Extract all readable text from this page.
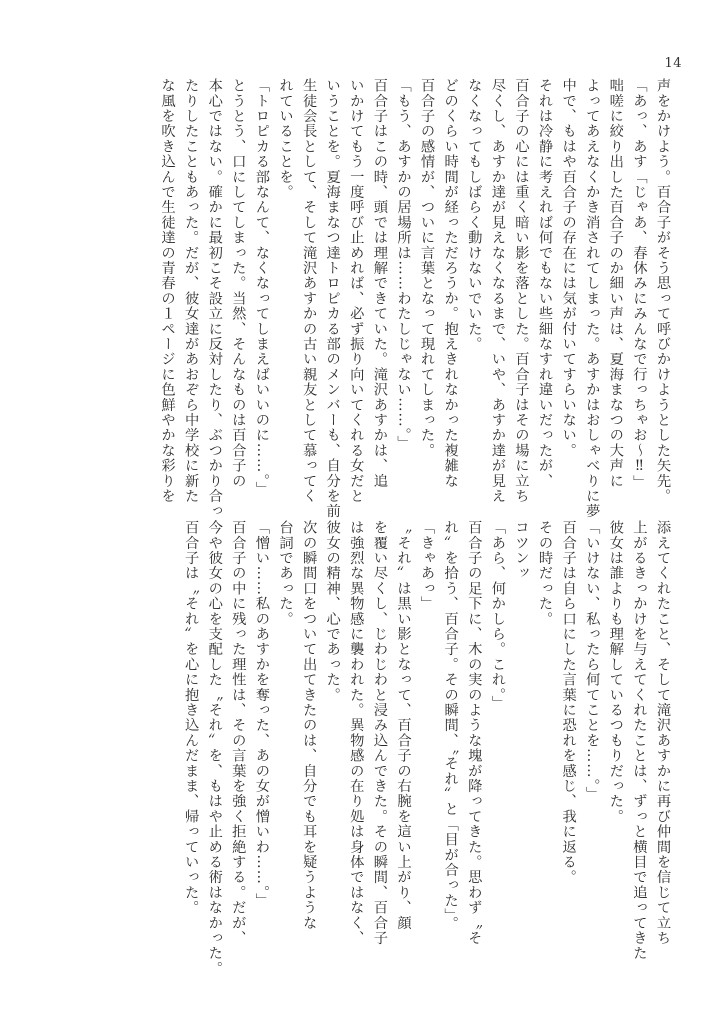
14
声をかけよう。百合子がそう思って呼びかけようとした矢先。
「あっ、あす「じゃあ、春休みにみんなで行っちゃお～‼」
咄嗟に絞り出した百合子のか細い声は、夏海まなつの大声に
よってあえなくかき消されてしまった。あすかはおしゃべりに夢
中で、もはや百合子の存在には気が付いてすらいない。
それは冷静に考えれば何でもない些細なすれ違いだったが、
百合子の心には重く暗い影を落とした。百合子はその場に立ち
尽くし、あすか達が見えなくなるまで、いや、あすか達が見え
なくなってもしばらく動けないでいた。
どのくらい時間が経っただろうか。抱えきれなかった複雑な
百合子の感情が、ついに言葉となって現れてしまった。
「もう、あすかの居場所は……わたしじゃない……。」
百合子はこの時、頭では理解できていた。滝沢あすかは、追
いかけてもう一度呼び止めれば、必ず振り向いてくれる女だと
いうことを。夏海まなつ達トロピカる部のメンバーも、自分を前
生徒会長として、そして滝沢あすかの古い親友として慕ってく
れていることを。
「トロピカる部なんて、なくなってしまえばいいのに……。」
とうとう、口にしてしまった。当然、そんなものは百合子の
本心ではない。確かに最初こそ設立に反対したり、ぶつかり合っ
たりしたこともあった。だが、彼女達があおぞら中学校に新た
な風を吹き込んで生徒達の青春の１ページに色鮮やかな彩りを
添えてくれたこと、そして滝沢あすかに再び仲間を信じて立ち
上がるきっかけを与えてくれたことは、ずっと横目で追ってきた
彼女は誰よりも理解しているつもりだった。
「いけない、私ったら何てことを……。」
百合子は自ら口にした言葉に恐れを感じ、我に返る。
その時だった。
コツンッ
「あら、何かしら。これ。」
百合子の足下に、木の実のような塊が降ってきた。思わず〝そ
れ〟を拾う、百合子。その瞬間、〝それ〟と「目が合った」。
「きゃあっ」
〝それ〟は黒い影となって、百合子の右腕を這い上がり、顔
を覆い尽くし、じわじわと浸み込んできた。その瞬間、百合子
は強烈な異物感に襲われた。異物感の在り処は身体ではなく、
彼女の精神、心であった。
次の瞬間口をついて出てきたのは、自分でも耳を疑うような
台詞であった。
「憎い……私のあすかを奪った、あの女が憎いわ……。」
百合子の中に残った理性は、その言葉を強く拒絶する。だが、
今や彼女の心を支配した〝それ〟を、もはや止める術はなかった。
百合子は〝それ〟を心に抱き込んだまま、帰っていった。
